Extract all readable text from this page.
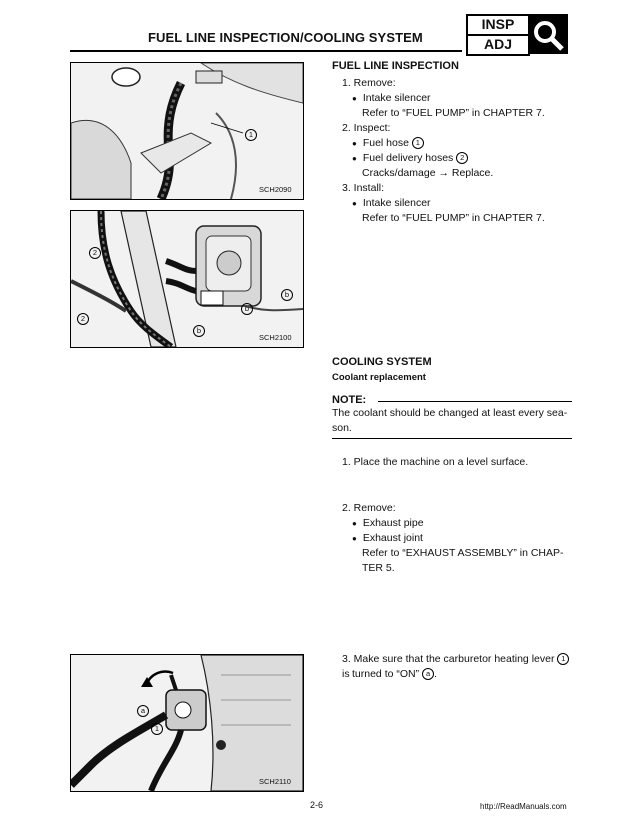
FUEL LINE INSPECTION/COOLING SYSTEM
INSP
ADJ
1
SCH2090
2
2
b
b
b
SCH2100
a
1
SCH2110
FUEL LINE INSPECTION
1. Remove:
● Intake silencer
Refer to “FUEL PUMP” in CHAPTER 7.
2. Inspect:
● Fuel hose 1
● Fuel delivery hoses 2
Cracks/damage → Replace.
3. Install:
● Intake silencer
Refer to “FUEL PUMP” in CHAPTER 7.
COOLING SYSTEM
Coolant replacement
NOTE:
The coolant should be changed at least every sea-
son.
1. Place the machine on a level surface.
2. Remove:
● Exhaust pipe
● Exhaust joint
Refer to “EXHAUST ASSEMBLY” in CHAP-
TER 5.
3. Make sure that the carburetor heating lever 1 is turned to “ON” a .
2-6	http://ReadManuals.com
